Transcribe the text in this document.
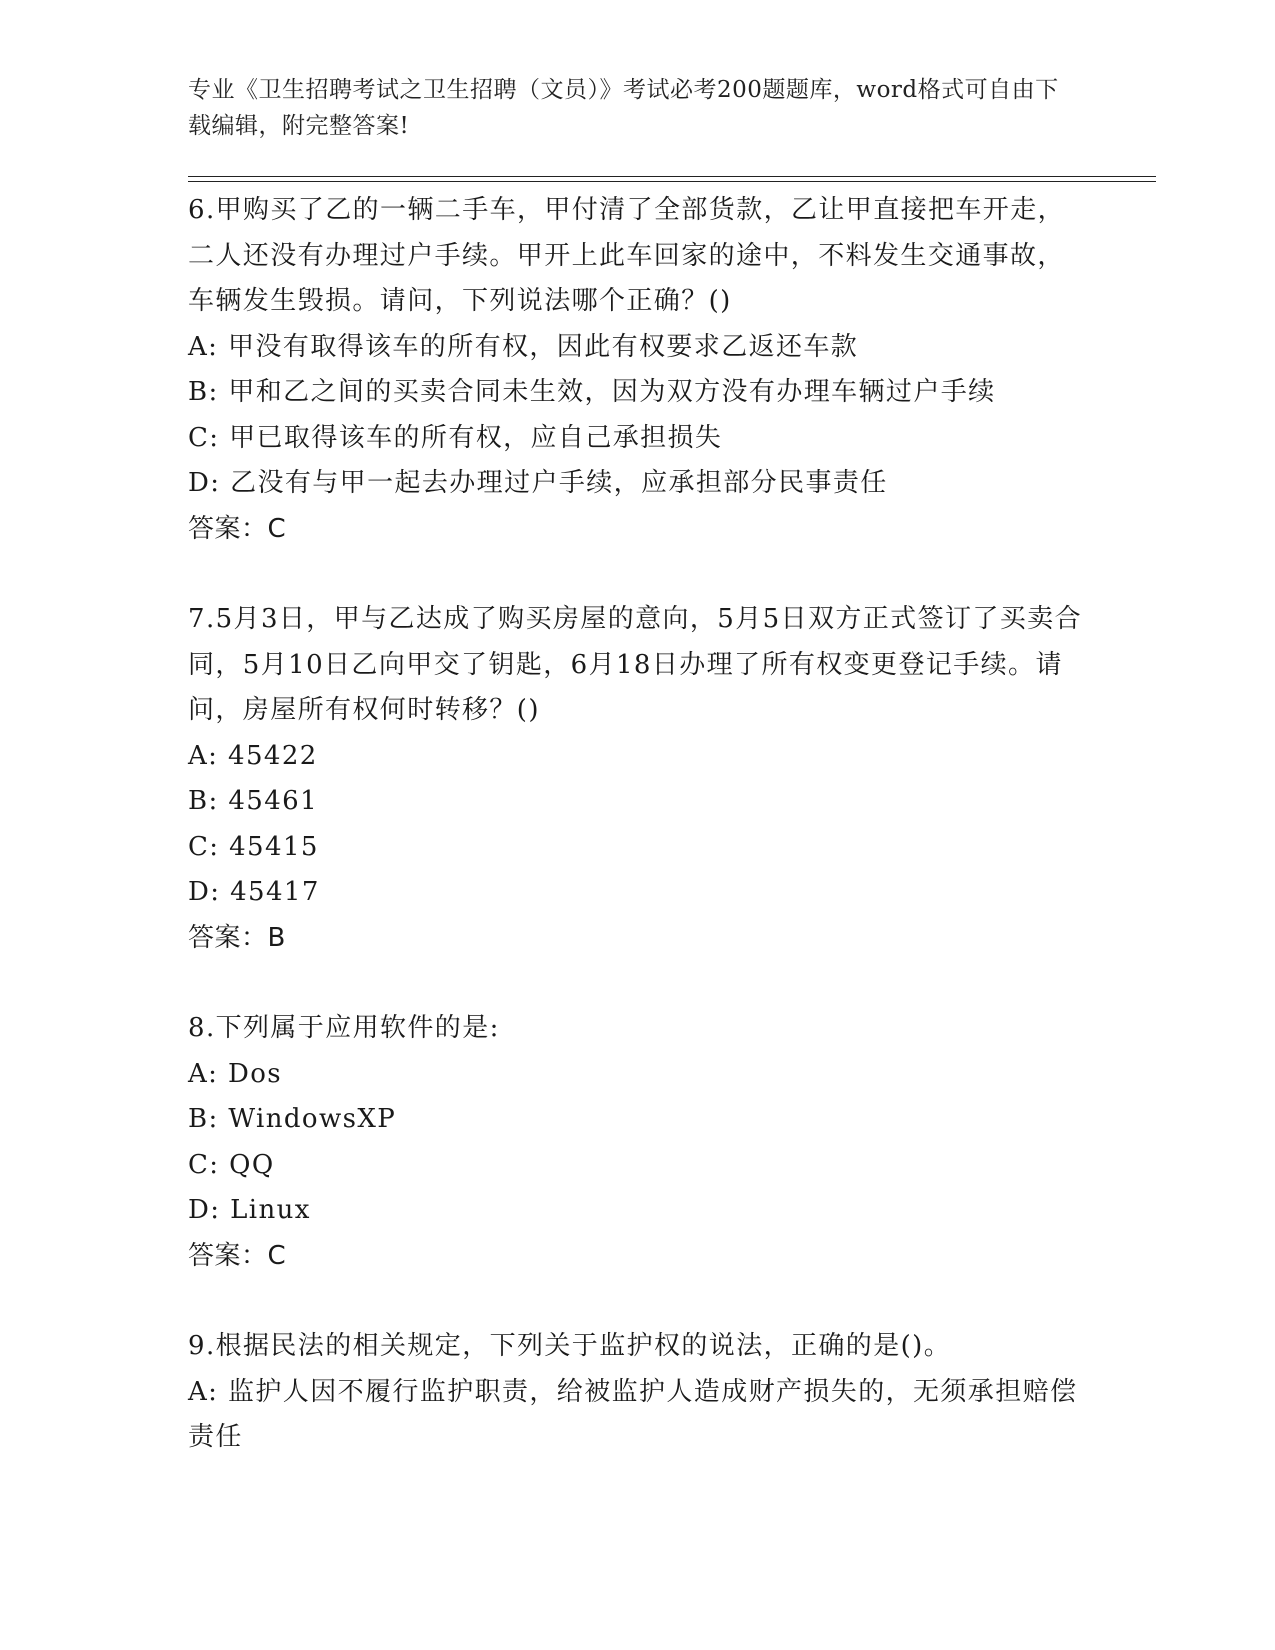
专业《卫生招聘考试之卫生招聘（文员）》考试必考200题题库，word格式可自由下载编辑，附完整答案!

6.甲购买了乙的一辆二手车，甲付清了全部货款，乙让甲直接把车开走，二人还没有办理过户手续。甲开上此车回家的途中，不料发生交通事故，车辆发生毁损。请问，下列说法哪个正确？()

A: 甲没有取得该车的所有权，因此有权要求乙返还车款

B: 甲和乙之间的买卖合同未生效，因为双方没有办理车辆过户手续

C: 甲已取得该车的所有权，应自己承担损失

D: 乙没有与甲一起去办理过户手续，应承担部分民事责任

答案：C

7.5月3日，甲与乙达成了购买房屋的意向，5月5日双方正式签订了买卖合同，5月10日乙向甲交了钥匙，6月18日办理了所有权变更登记手续。请问，房屋所有权何时转移？()

A: 45422

B: 45461

C: 45415

D: 45417

答案：B

8.下列属于应用软件的是:

A: Dos

B: WindowsXP

C: QQ

D: Linux

答案：C

9.根据民法的相关规定，下列关于监护权的说法，正确的是()。

A: 监护人因不履行监护职责，给被监护人造成财产损失的，无须承担赔偿责任
